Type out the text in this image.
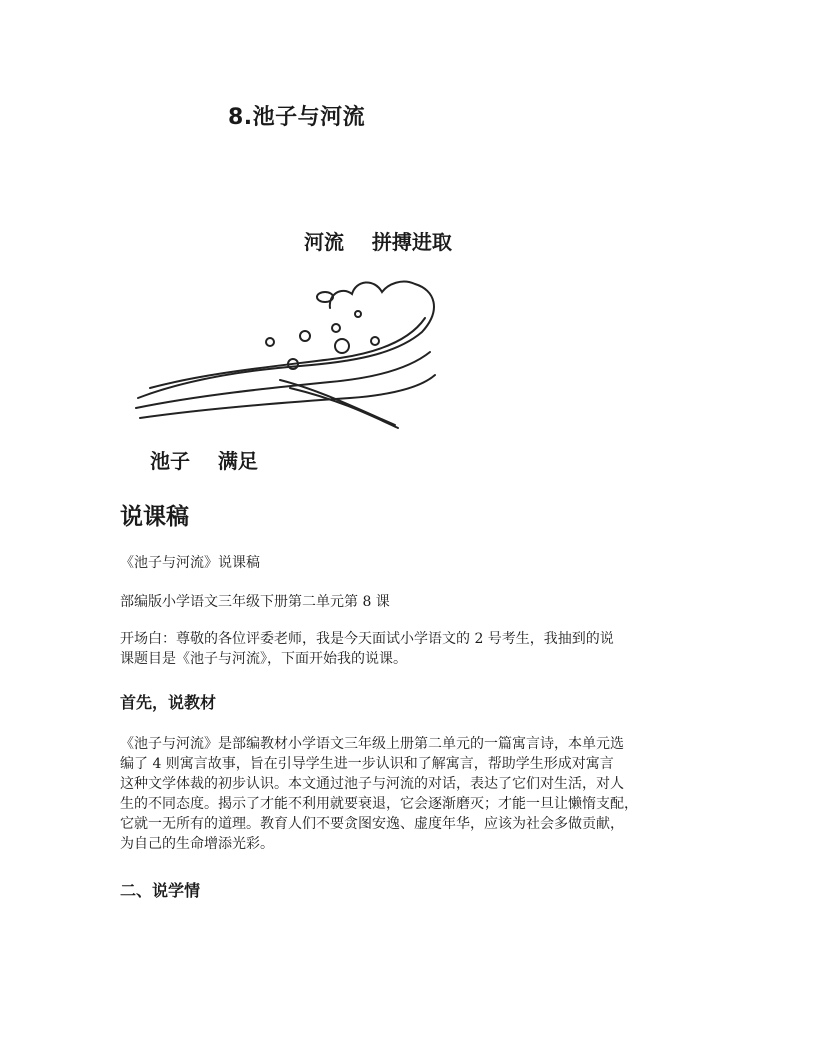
8.池子与河流
河流    拼搏进取
池子    满足
说课稿
《池子与河流》说课稿
部编版小学语文三年级下册第二单元第 8 课
开场白：尊敬的各位评委老师，我是今天面试小学语文的 2 号考生，我抽到的说
课题目是《池子与河流》，下面开始我的说课。
首先，说教材
《池子与河流》是部编教材小学语文三年级上册第二单元的一篇寓言诗，本单元选
编了 4 则寓言故事，旨在引导学生进一步认识和了解寓言，帮助学生形成对寓言
这种文学体裁的初步认识。本文通过池子与河流的对话，表达了它们对生活，对人
生的不同态度。揭示了才能不利用就要衰退，它会逐渐磨灭；才能一旦让懒惰支配，
它就一无所有的道理。教育人们不要贪图安逸、虚度年华，应该为社会多做贡献，
为自己的生命增添光彩。
二、说学情
